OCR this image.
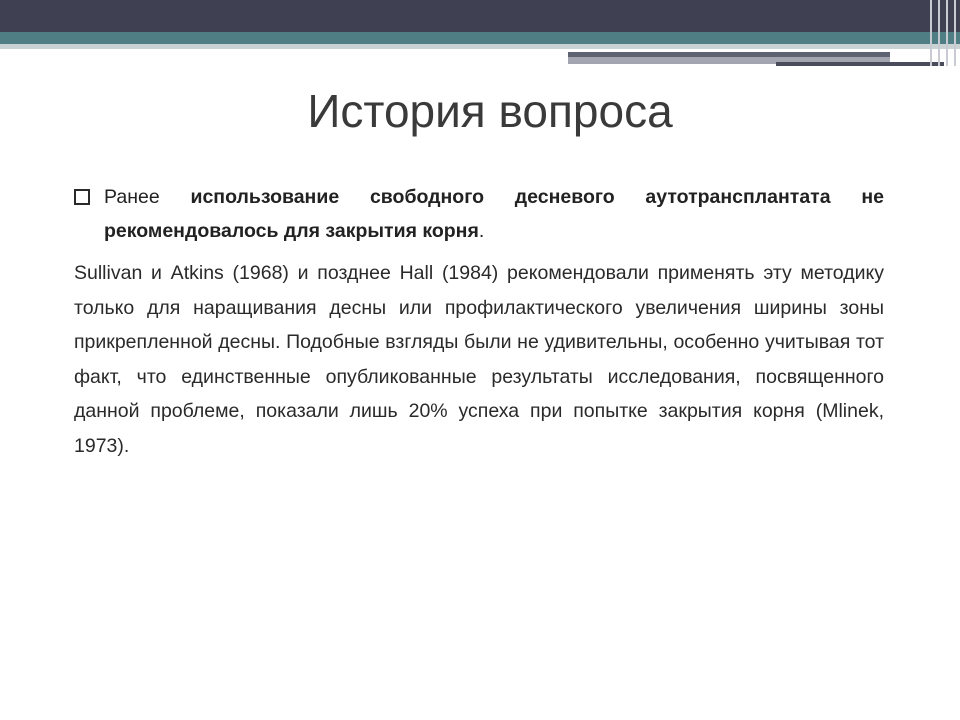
История вопроса
Ранее использование свободного десневого аутотрансплантата не рекомендовалось для закрытия корня.

Sullivan и Atkins (1968) и позднее Hall (1984) рекомендовали применять эту методику только для наращивания десны или профилактического увеличения ширины зоны прикрепленной десны. Подобные взгляды были не удивительны, особенно учитывая тот факт, что единственные опубликованные результаты исследования, посвященного данной проблеме, показали лишь 20% успеха при попытке закрытия корня (Mlinek, 1973).
